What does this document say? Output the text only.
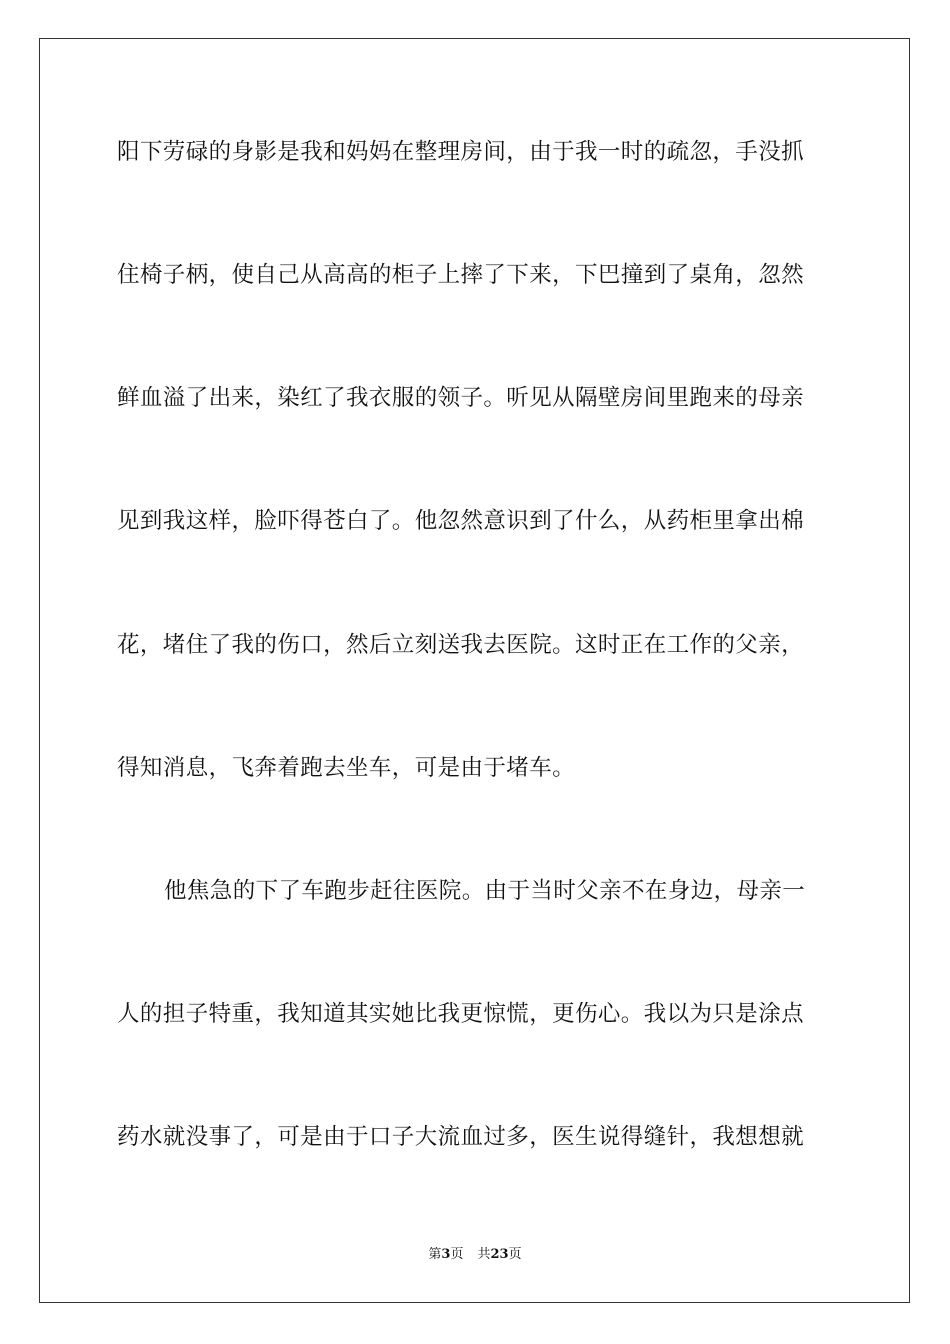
阳下劳碌的身影是我和妈妈在整理房间，由于我一时的疏忽，手没抓
住椅子柄，使自己从高高的柜子上摔了下来，下巴撞到了桌角，忽然
鲜血溢了出来，染红了我衣服的领子。听见从隔壁房间里跑来的母亲
见到我这样，脸吓得苍白了。他忽然意识到了什么，从药柜里拿出棉
花，堵住了我的伤口，然后立刻送我去医院。这时正在工作的父亲，
得知消息，飞奔着跑去坐车，可是由于堵车。
他焦急的下了车跑步赶往医院。由于当时父亲不在身边，母亲一
人的担子特重，我知道其实她比我更惊慌，更伤心。我以为只是涂点
药水就没事了，可是由于口子大流血过多，医生说得缝针，我想想就
第3页 共23页
